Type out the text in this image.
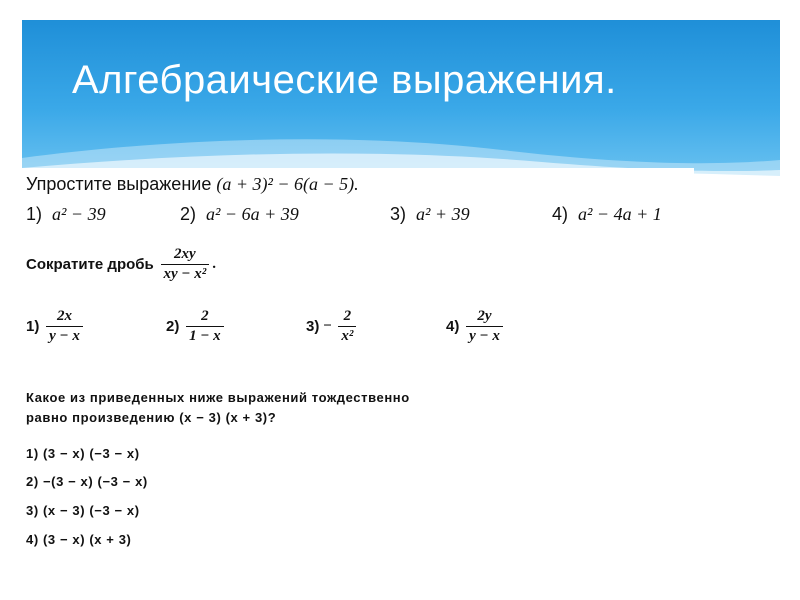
Алгебраические выражения.
Упростите выражение (a + 3)² − 6(a − 5).
1) a² − 39	2) a² − 6a + 39	3) a² + 39	4) a² − 4a + 1
Сократите дробь $\frac{2xy}{\text{xy − x²}}$ .
$1) \frac{2x}{y - x}$	$2) \frac{2}{1 - x}$	$3) - \frac{2}{\text{x²}}$	$4) \frac{2y}{y - x}$
Какое из приведенных ниже выражений тождественно
равно произведению (x − 3) (x + 3)?
1) (3 − x) (−3 − x)
2) −(3 − x) (−3 − x)
3) (x − 3) (−3 − x)
4) (3 − x) (x + 3)
